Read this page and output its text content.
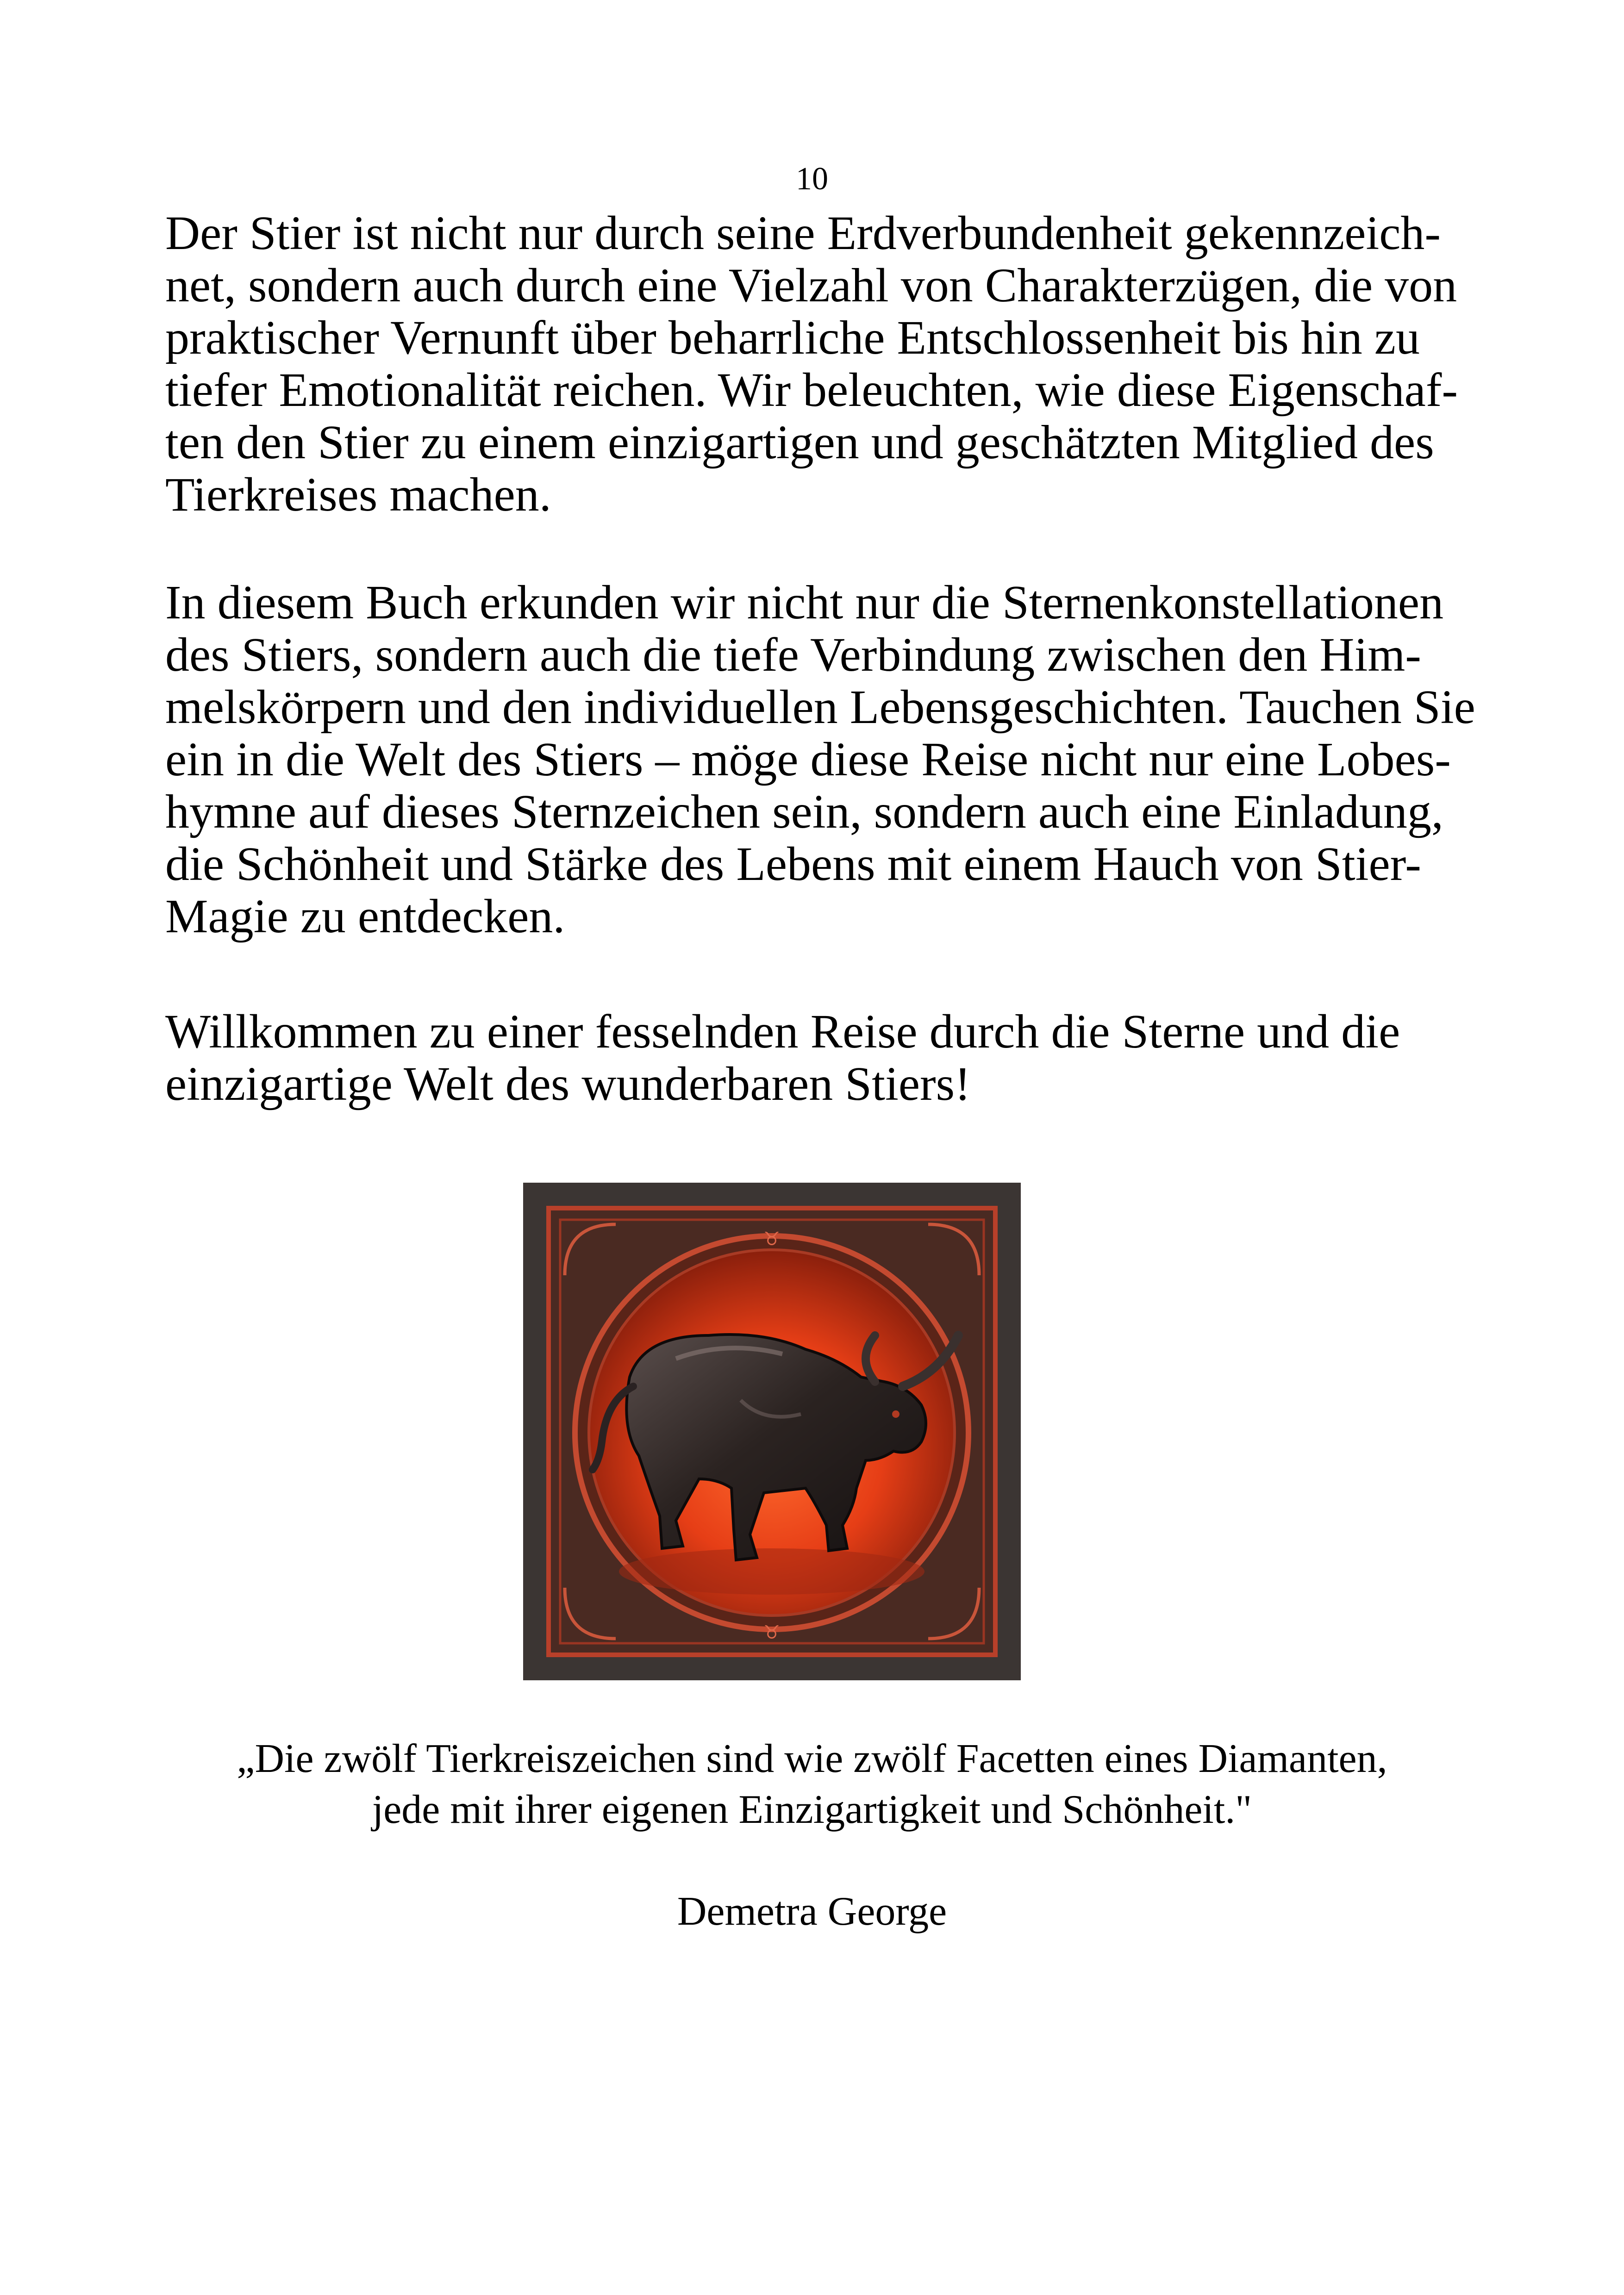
10

Der Stier ist nicht nur durch seine Erdverbundenheit gekennzeich-
net, sondern auch durch eine Vielzahl von Charakterzügen, die von
praktischer Vernunft über beharrliche Entschlossenheit bis hin zu
tiefer Emotionalität reichen. Wir beleuchten, wie diese Eigenschaf-
ten den Stier zu einem einzigartigen und geschätzten Mitglied des
Tierkreises machen.

In diesem Buch erkunden wir nicht nur die Sternenkonstellationen
des Stiers, sondern auch die tiefe Verbindung zwischen den Him-
melskörpern und den individuellen Lebensgeschichten. Tauchen Sie
ein in die Welt des Stiers – möge diese Reise nicht nur eine Lobes-
hymne auf dieses Sternzeichen sein, sondern auch eine Einladung,
die Schönheit und Stärke des Lebens mit einem Hauch von Stier-
Magie zu entdecken.

Willkommen zu einer fesselnden Reise durch die Sterne und die
einzigartige Welt des wunderbaren Stiers!

♉
♉
„Die zwölf Tierkreiszeichen sind wie zwölf Facetten eines Diamanten,
jede mit ihrer eigenen Einzigartigkeit und Schönheit."
Demetra George
